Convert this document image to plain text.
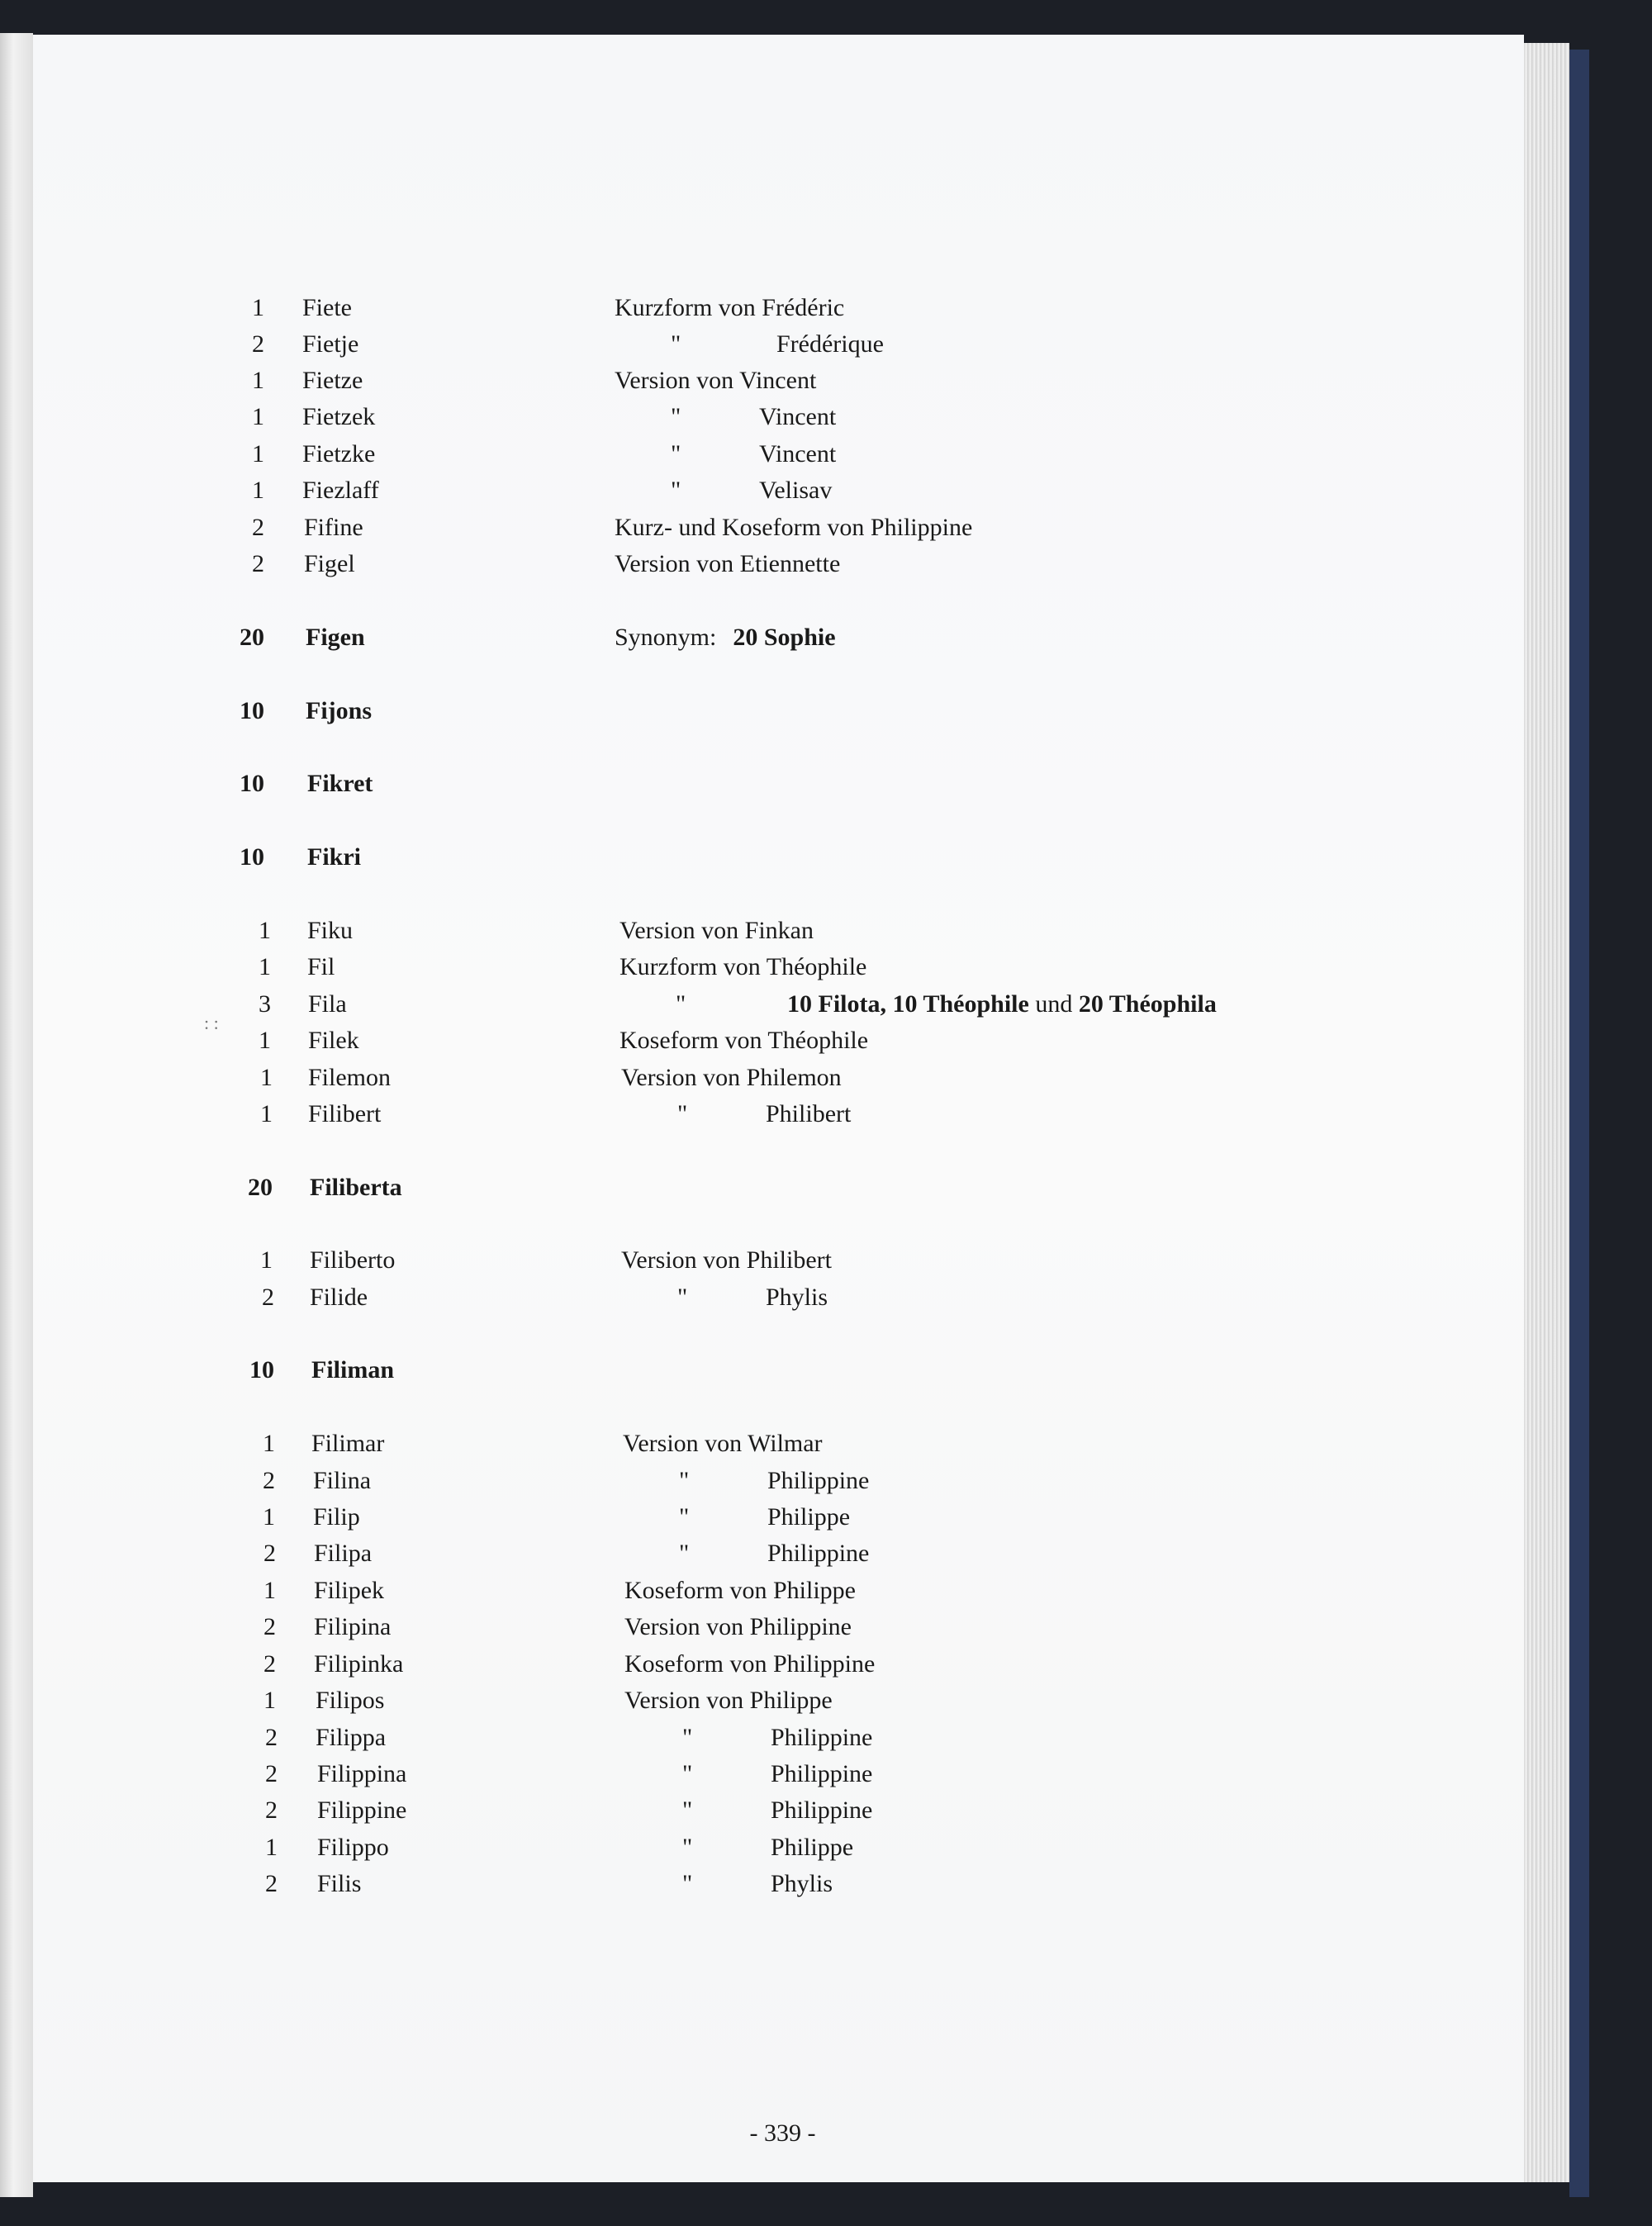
1 Fiete	Kurzform von Frédéric
2 Fietje	"	Frédérique
1 Fietze	Version von Vincent
1 Fietzek	"	Vincent
1 Fietzke	"	Vincent
1 Fiezlaff	"	Velisav
2 Fifine	Kurz- und Koseform von Philippine
2 Figel	Version von Etiennette
20 Figen	Synonym: 20 Sophie
10 Fijons
10 Fikret
10 Fikri
1 Fiku	Version von Finkan
1 Fil	Kurzform von Théophile
3 Fila	"	10 Filota, 10 Théophile und 20 Théophila
1 Filek	Koseform von Théophile
1 Filemon	Version von Philemon
1 Filibert	"	Philibert
20 Filiberta
1 Filiberto	Version von Philibert
2 Filide	"	Phylis
10 Filiman
1 Filimar	Version von Wilmar
2 Filina	"	Philippine
1 Filip	"	Philippe
2 Filipa	"	Philippine
1 Filipek	Koseform von Philippe
2 Filipina	Version von Philippine
2 Filipinka	Koseform von Philippine
1 Filipos	Version von Philippe
2 Filippa	"	Philippine
2 Filippina	"	Philippine
2 Filippine	"	Philippine
1 Filippo	"	Philippe
2 Filis	"	Phylis
: :
- 339 -
